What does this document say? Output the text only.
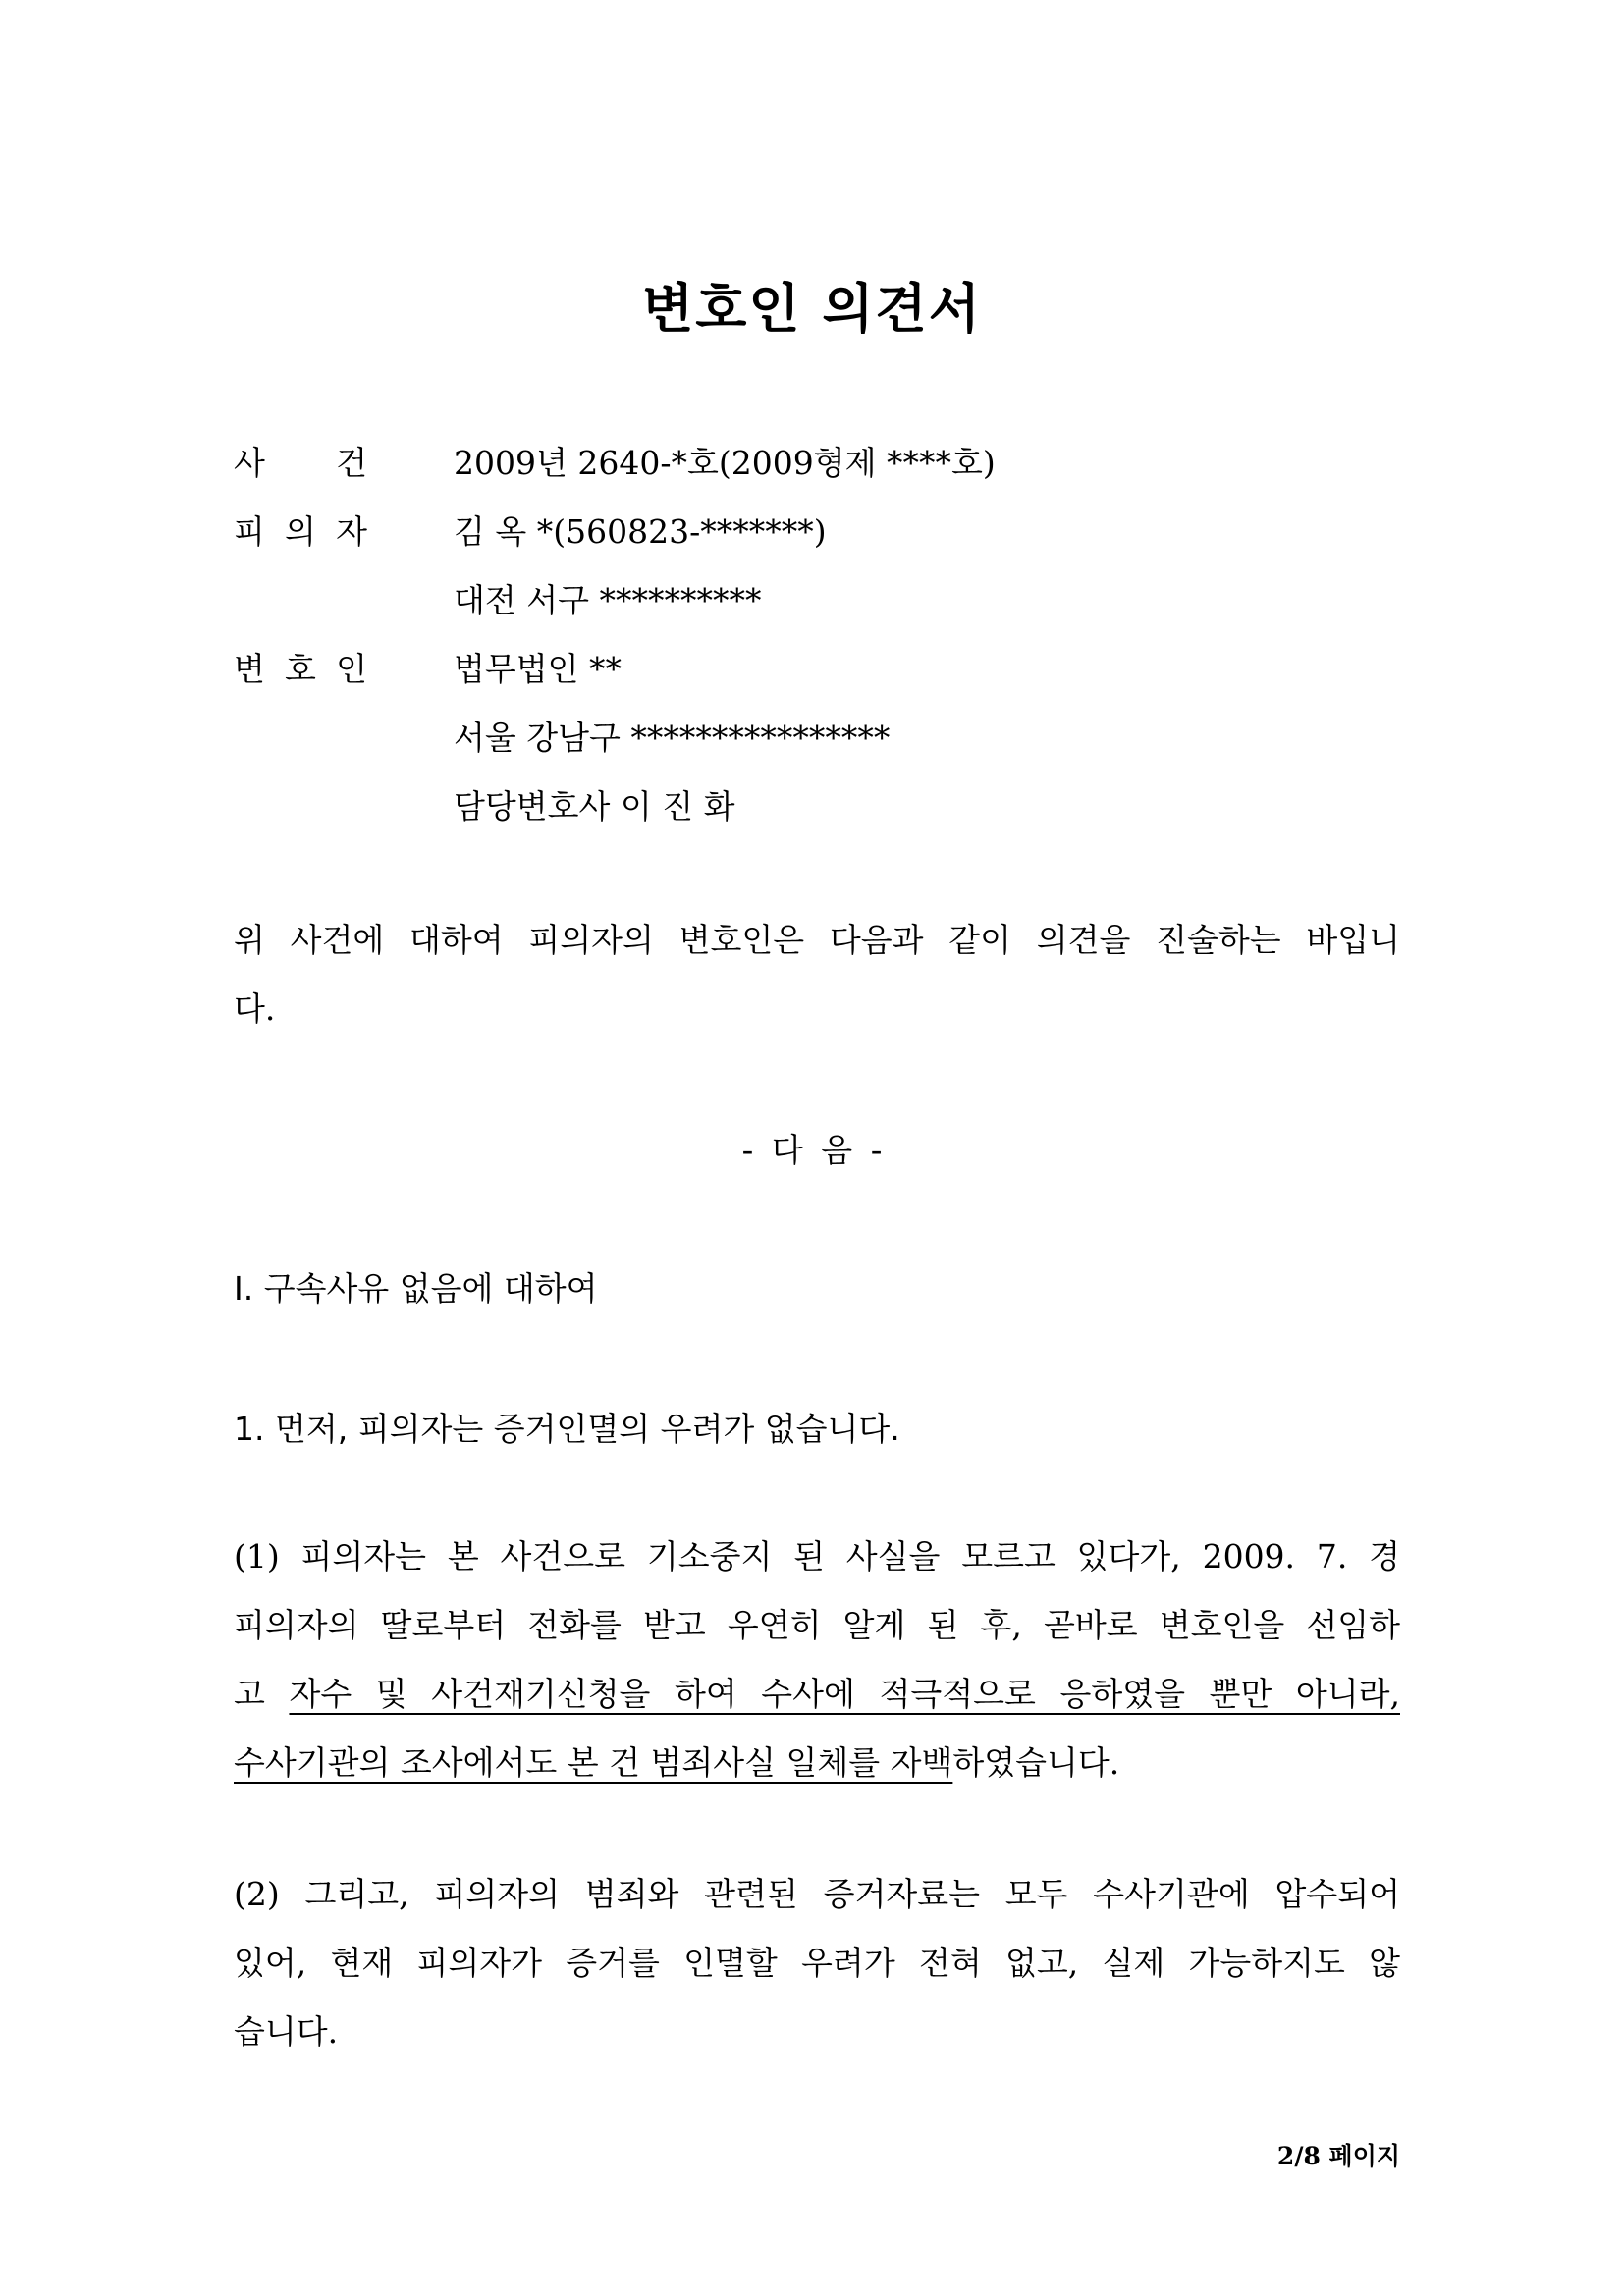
변호인 의견서
사 건	2009년 2640-*호(2009형제 ****호)
피 의 자	김 옥 *(560823-*******)
대전 서구 **********
변 호 인	법무법인 **
서울 강남구 ****************
담당변호사 이 진 화
위 사건에 대하여 피의자의 변호인은 다음과 같이 의견을 진술하는 바입니
다.
- 다 음 -
Ⅰ. 구속사유 없음에 대하여
1. 먼저, 피의자는 증거인멸의 우려가 없습니다.
(1) 피의자는 본 사건으로 기소중지 된 사실을 모르고 있다가, 2009. 7. 경
피의자의 딸로부터 전화를 받고 우연히 알게 된 후, 곧바로 변호인을 선임하
고 자수 및 사건재기신청을 하여 수사에 적극적으로 응하였을 뿐만 아니라,
수사기관의 조사에서도 본 건 범죄사실 일체를 자백하였습니다.
(2) 그리고, 피의자의 범죄와 관련된 증거자료는 모두 수사기관에 압수되어
있어, 현재 피의자가 증거를 인멸할 우려가 전혀 없고, 실제 가능하지도 않
습니다.
2/8 페이지
